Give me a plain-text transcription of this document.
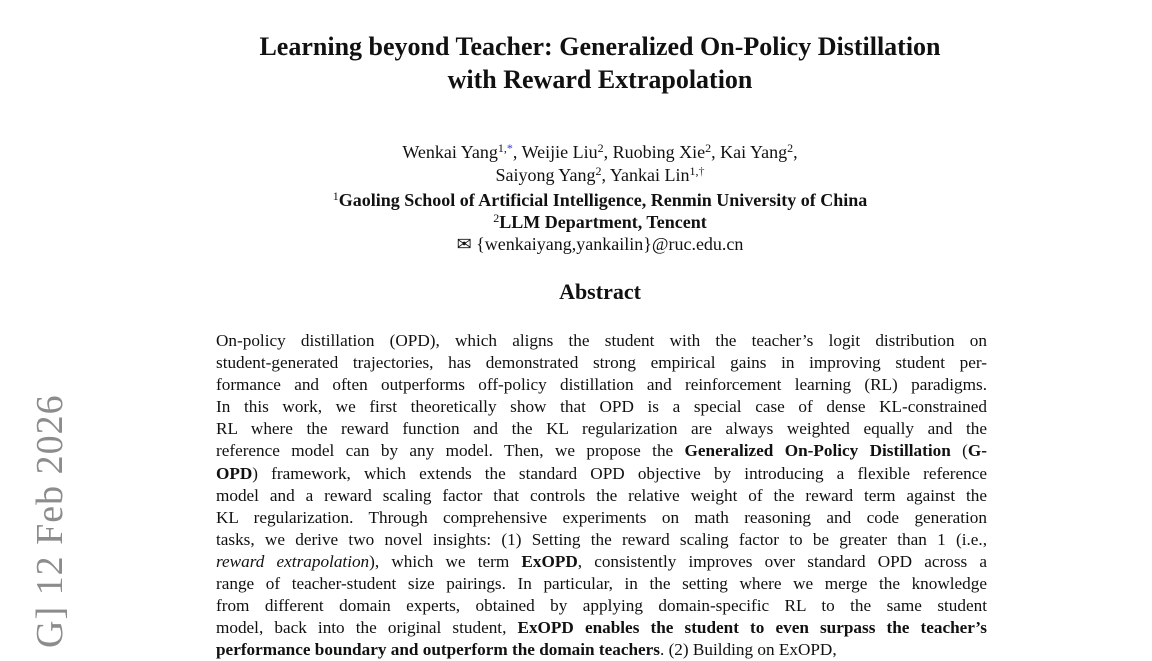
G] 12 Feb 2026
Learning beyond Teacher: Generalized On-Policy Distillation
with Reward Extrapolation
Wenkai Yang$^{1,*}$, Weijie Liu$^2$, Ruobing Xie$^2$, Kai Yang$^2$,
Saiyong Yang$^2$, Yankai Lin$^{1,\dagger}$
$^1$Gaoling School of Artificial Intelligence, Renmin University of China
$^2$LLM Department, Tencent
✉ {wenkaiyang,yankailin}@ruc.edu.cn
Abstract
On-policy distillation (OPD), which aligns the student with the teacher’s logit distribution on
student-generated trajectories, has demonstrated strong empirical gains in improving student per-
formance and often outperforms off-policy distillation and reinforcement learning (RL) paradigms.
In this work, we first theoretically show that OPD is a special case of dense KL-constrained
RL where the reward function and the KL regularization are always weighted equally and the
reference model can by any model. Then, we propose the Generalized On-Policy Distillation (G-
OPD) framework, which extends the standard OPD objective by introducing a flexible reference
model and a reward scaling factor that controls the relative weight of the reward term against the
KL regularization. Through comprehensive experiments on math reasoning and code generation
tasks, we derive two novel insights: (1) Setting the reward scaling factor to be greater than 1 (i.e.,
reward extrapolation), which we term ExOPD, consistently improves over standard OPD across a
range of teacher-student size pairings. In particular, in the setting where we merge the knowledge
from different domain experts, obtained by applying domain-specific RL to the same student
model, back into the original student, ExOPD enables the student to even surpass the teacher’s
performance boundary and outperform the domain teachers. (2) Building on ExOPD,
